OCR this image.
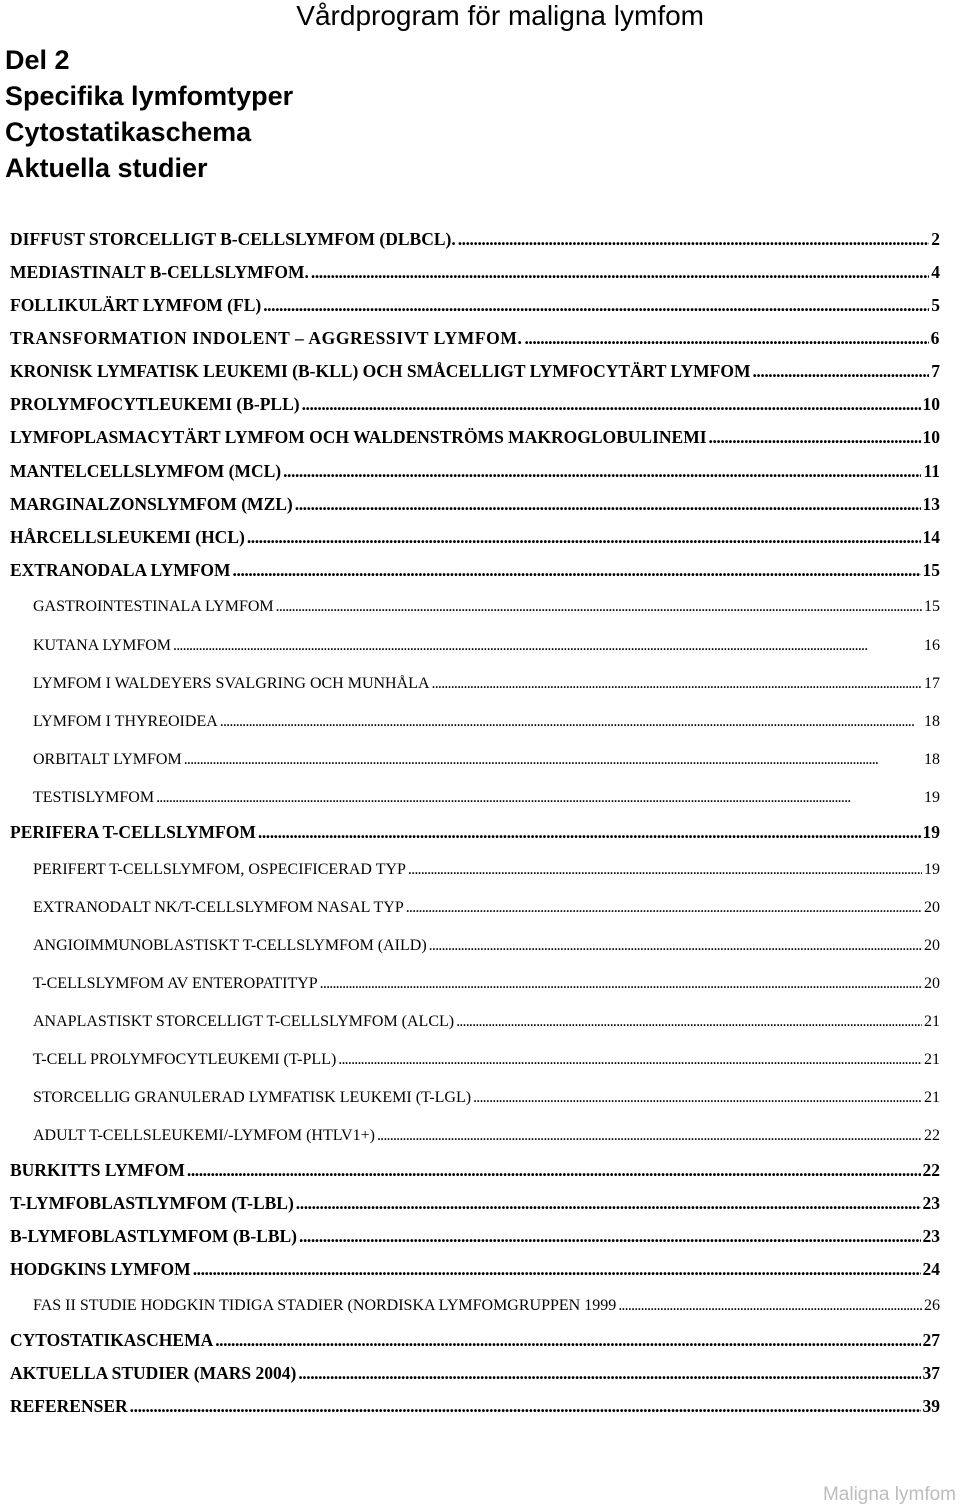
Vårdprogram för maligna lymfom
Del 2
Specifika lymfomtyper
Cytostatikaschema
Aktuella studier
DIFFUST STORCELLIGT B-CELLSLYMFOM (DLBCL). . . .	2
MEDIASTINALT B-CELLSLYMFOM. . . .	4
FOLLIKULÄRT LYMFOM (FL) . . .	5
TRANSFORMATION INDOLENT – AGGRESSIVT LYMFOM. . . .	6
KRONISK LYMFATISK LEUKEMI (B-KLL) OCH SMÅCELLIGT LYMFOCYTÄRT LYMFOM . . .	7
PROLYMFOCYTLEUKEMI (B-PLL) . . .	10
LYMFOPLASMACYTÄRT LYMFOM OCH WALDENSTRÖMS MAKROGLOBULINEMI . . .	10
MANTELCELLSLYMFOM (MCL) . . .	11
MARGINALZONSLYMFOM (MZL) . . .	13
HÅRCELLSLEUKEMI (HCL) . . .	14
EXTRANODALA LYMFOM . . .	15
GASTROINTESTINALA LYMFOM . . .	15
KUTANA LYMFOM . . .	16
LYMFOM I WALDEYERS SVALGRING OCH MUNHÅLA . . .	17
LYMFOM I THYREOIDEA . . .	18
ORBITALT LYMFOM . . .	18
TESTISLYMFOM . . .	19
PERIFERA T-CELLSLYMFOM . . .	19
PERIFERT T-CELLSLYMFOM, OSPECIFICERAD TYP . . .	19
EXTRANODALT NK/T-CELLSLYMFOM NASAL TYP . . .	20
ANGIOIMMUNOBLASTISKT T-CELLSLYMFOM (AILD) . . .	20
T-CELLSLYMFOM AV ENTEROPATITYP . . .	20
ANAPLASTISKT STORCELLIGT T-CELLSLYMFOM (ALCL) . . .	21
T-CELL PROLYMFOCYTLEUKEMI (T-PLL) . . .	21
STORCELLIG GRANULERAD LYMFATISK LEUKEMI (T-LGL) . . .	21
ADULT T-CELLSLEUKEMI/-LYMFOM (HTLV1+) . . .	22
BURKITTS LYMFOM . . .	22
T-LYMFOBLASTLYMFOM (T-LBL) . . .	23
B-LYMFOBLASTLYMFOM (B-LBL) . . .	23
HODGKINS LYMFOM . . .	24
FAS II STUDIE HODGKIN TIDIGA STADIER (NORDISKA LYMFOMGRUPPEN 1999 . . .	26
CYTOSTATIKASCHEMA . . .	27
AKTUELLA STUDIER (MARS 2004) . . .	37
REFERENSER . . .	39
Maligna lymfom
